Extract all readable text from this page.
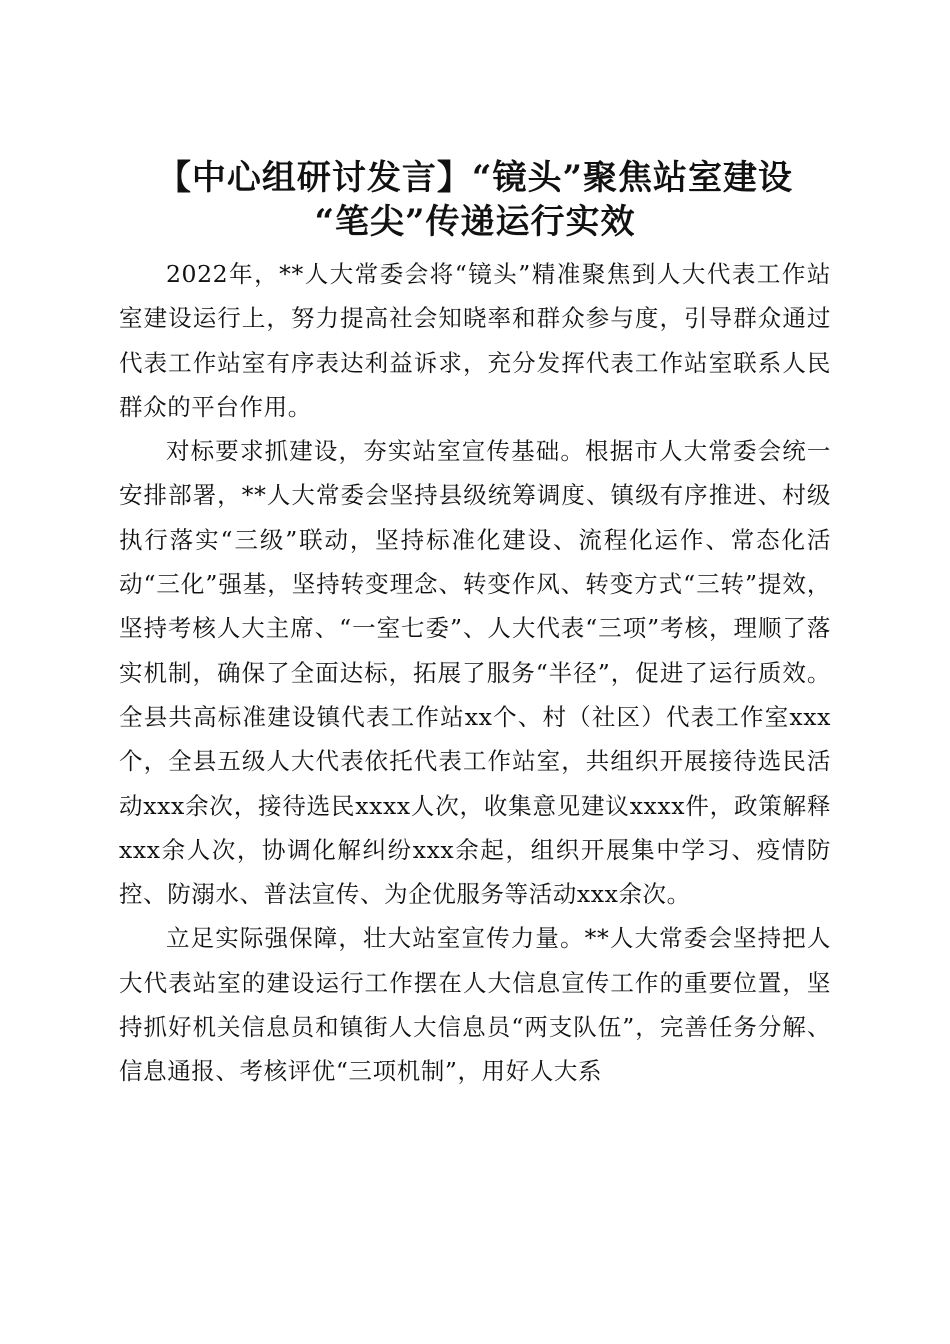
【中心组研讨发言】“镜头”聚焦站室建设
“笔尖”传递运行实效

2022年，**人大常委会将“镜头”精准聚焦到人大代表工作站室建设运行上，努力提高社会知晓率和群众参与度，引导群众通过代表工作站室有序表达利益诉求，充分发挥代表工作站室联系人民群众的平台作用。

对标要求抓建设，夯实站室宣传基础。根据市人大常委会统一安排部署，**人大常委会坚持县级统筹调度、镇级有序推进、村级执行落实“三级”联动，坚持标准化建设、流程化运作、常态化活动“三化”强基，坚持转变理念、转变作风、转变方式“三转”提效，坚持考核人大主席、“一室七委”、人大代表“三项”考核，理顺了落实机制，确保了全面达标，拓展了服务“半径”，促进了运行质效。全县共高标准建设镇代表工作站xx个、村（社区）代表工作室xxx个，全县五级人大代表依托代表工作站室，共组织开展接待选民活动xxx余次，接待选民xxxx人次，收集意见建议xxxx件，政策解释xxx余人次，协调化解纠纷xxx余起，组织开展集中学习、疫情防控、防溺水、普法宣传、为企优服务等活动xxx余次。

立足实际强保障，壮大站室宣传力量。**人大常委会坚持把人大代表站室的建设运行工作摆在人大信息宣传工作的重要位置，坚持抓好机关信息员和镇街人大信息员“两支队伍”，完善任务分解、信息通报、考核评优“三项机制”，用好人大系
